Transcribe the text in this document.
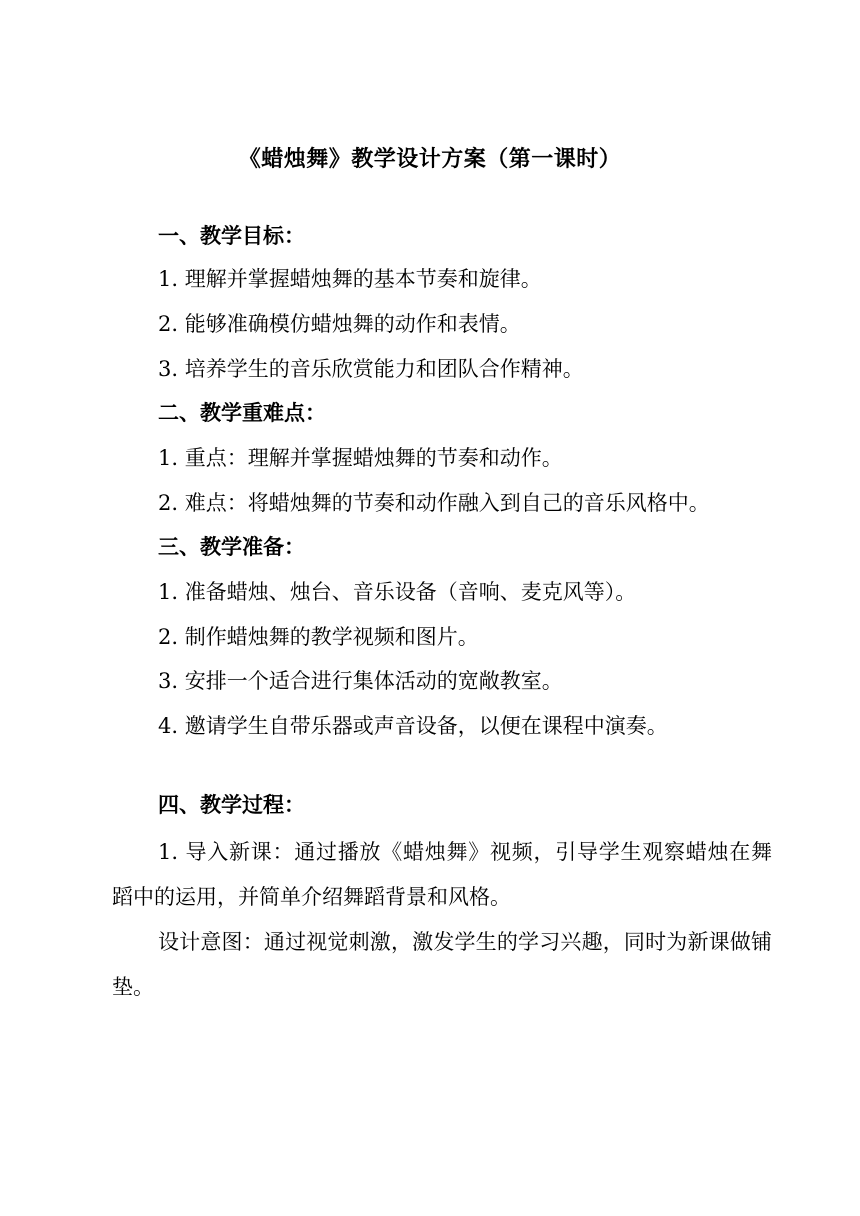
《蜡烛舞》教学设计方案（第一课时）
一、教学目标：
1. 理解并掌握蜡烛舞的基本节奏和旋律。
2. 能够准确模仿蜡烛舞的动作和表情。
3. 培养学生的音乐欣赏能力和团队合作精神。
二、教学重难点：
1. 重点：理解并掌握蜡烛舞的节奏和动作。
2. 难点：将蜡烛舞的节奏和动作融入到自己的音乐风格中。
三、教学准备：
1. 准备蜡烛、烛台、音乐设备（音响、麦克风等）。
2. 制作蜡烛舞的教学视频和图片。
3. 安排一个适合进行集体活动的宽敞教室。
4. 邀请学生自带乐器或声音设备，以便在课程中演奏。
四、教学过程：
1. 导入新课：通过播放《蜡烛舞》视频，引导学生观察蜡烛在舞蹈中的运用，并简单介绍舞蹈背景和风格。
设计意图：通过视觉刺激，激发学生的学习兴趣，同时为新课做铺垫。
